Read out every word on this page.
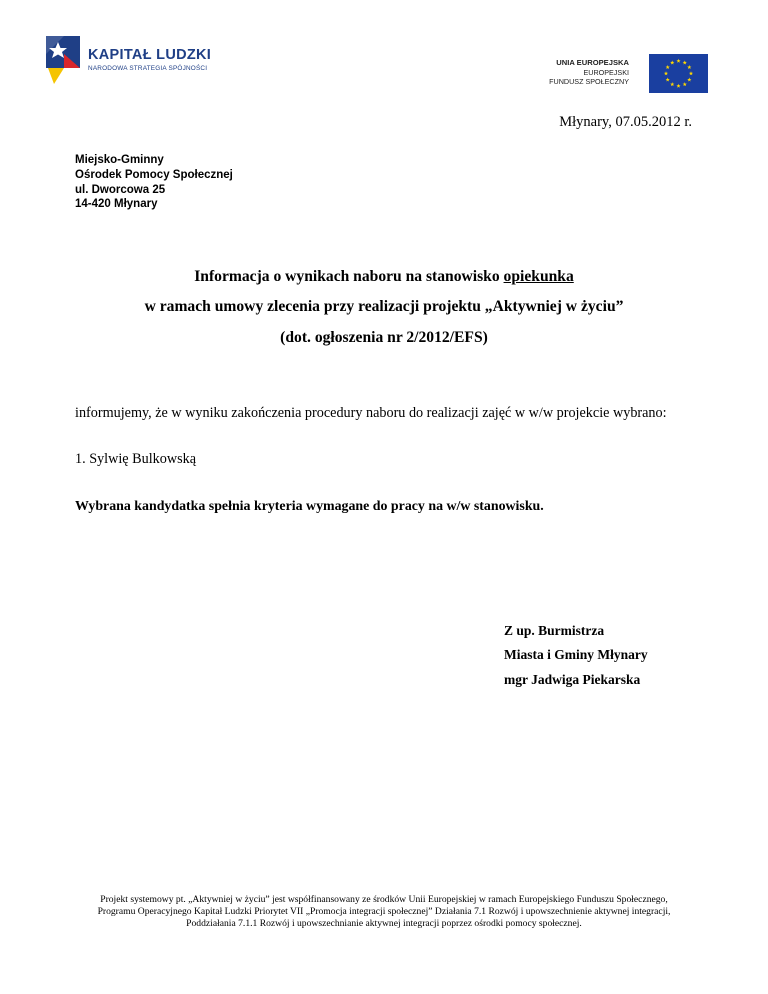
KAPITAŁ LUDZKI
NARODOWA STRATEGIA SPÓJNOŚCI
UNIA EUROPEJSKA
EUROPEJSKI
FUNDUSZ SPOŁECZNY
Młynary, 07.05.2012 r.
Miejsko-Gminny
Ośrodek Pomocy Społecznej
ul. Dworcowa 25
14-420 Młynary
Informacja o wynikach naboru na stanowisko opiekunka
w ramach umowy zlecenia przy realizacji projektu „Aktywniej w życiu”
(dot. ogłoszenia nr 2/2012/EFS)
informujemy, że w wyniku zakończenia procedury naboru do realizacji zajęć w w/w projekcie wybrano:
1. Sylwię Bulkowską
Wybrana kandydatka spełnia kryteria wymagane do pracy na w/w stanowisku.
Z up. Burmistrza
Miasta i Gminy Młynary
mgr Jadwiga Piekarska
Projekt systemowy pt. „Aktywniej w życiu” jest współfinansowany ze środków Unii Europejskiej w ramach Europejskiego Funduszu Społecznego,
Programu Operacyjnego Kapitał Ludzki Priorytet VII „Promocja integracji społecznej” Działania 7.1 Rozwój i upowszechnienie aktywnej integracji,
Poddziałania 7.1.1 Rozwój i upowszechnianie aktywnej integracji poprzez ośrodki pomocy społecznej.
